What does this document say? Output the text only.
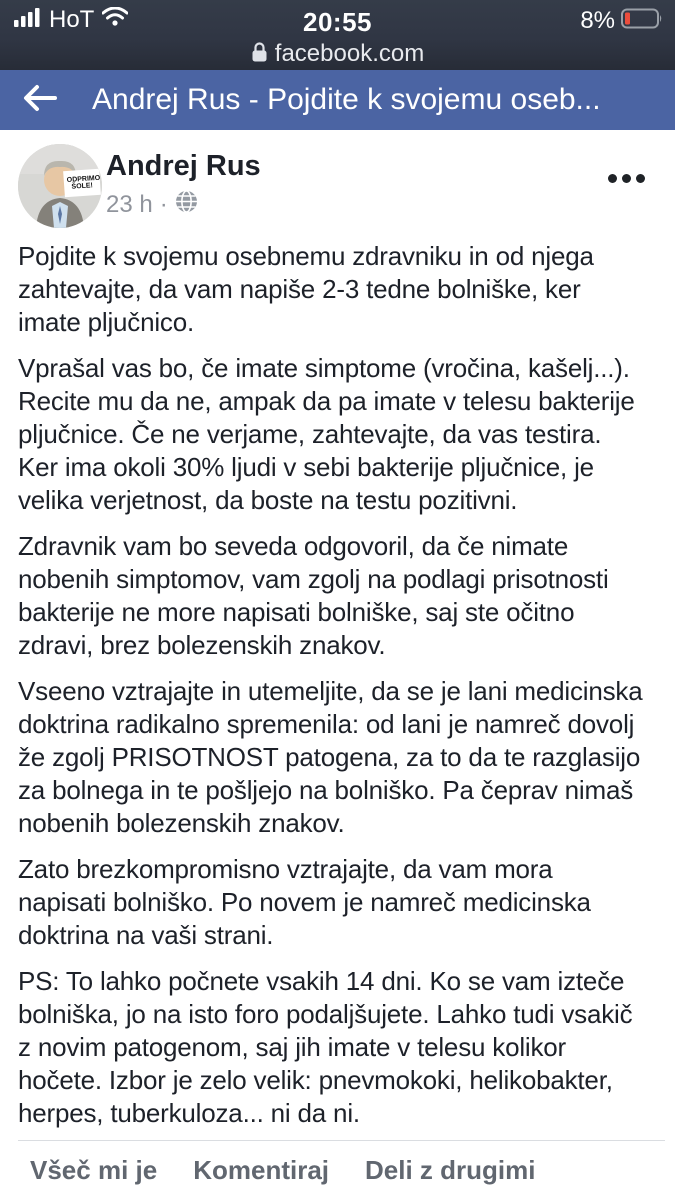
HoT	20:55	8%
facebook.com
Andrej Rus - Pojdite k svojemu oseb...
ODPRIMO ŠOLE!
Andrej Rus
23 h ·

Pojdite k svojemu osebnemu zdravniku in od njega zahtevajte, da vam napiše 2-3 tedne bolniške, ker imate pljučnico.

Vprašal vas bo, če imate simptome (vročina, kašelj...). Recite mu da ne, ampak da pa imate v telesu bakterije pljučnice. Če ne verjame, zahtevajte, da vas testira. Ker ima okoli 30% ljudi v sebi bakterije pljučnice, je velika verjetnost, da boste na testu pozitivni.

Zdravnik vam bo seveda odgovoril, da če nimate nobenih simptomov, vam zgolj na podlagi prisotnosti bakterije ne more napisati bolniške, saj ste očitno zdravi, brez bolezenskih znakov.

Vseeno vztrajajte in utemeljite, da se je lani medicinska doktrina radikalno spremenila: od lani je namreč dovolj že zgolj PRISOTNOST patogena, za to da te razglasijo za bolnega in te pošljejo na bolniško. Pa čeprav nimaš nobenih bolezenskih znakov.

Zato brezkompromisno vztrajajte, da vam mora napisati bolniško. Po novem je namreč medicinska doktrina na vaši strani.

PS: To lahko počnete vsakih 14 dni. Ko se vam izteče bolniška, jo na isto foro podaljšujete. Lahko tudi vsakič z novim patogenom, saj jih imate v telesu kolikor hočete. Izbor je zelo velik: pnevmokoki, helikobakter, herpes, tuberkuloza... ni da ni.

Všeč mi je Komentiraj Deli z drugimi
